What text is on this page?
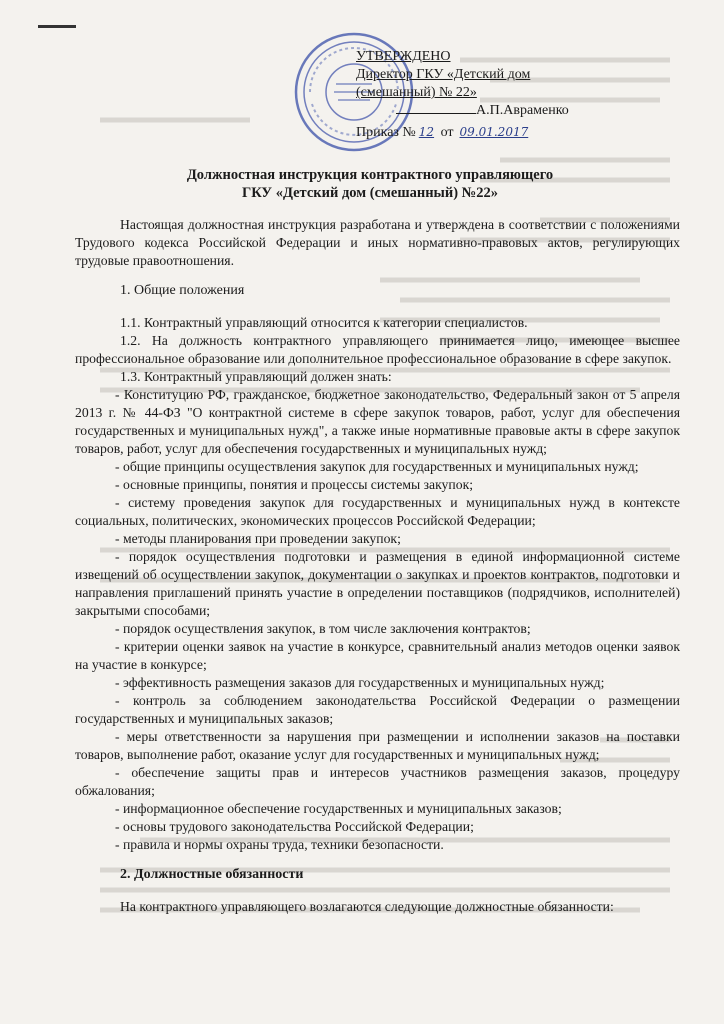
УТВЕРЖДЕНО
Директор ГКУ «Детский дом
(смешанный) № 22»
А.П.Авраменко
Приказ № 12 от 09.01.2017
Должностная инструкция контрактного управляющего
ГКУ «Детский дом (смешанный) №22»

Настоящая должностная инструкция разработана и утверждена в соответствии с положениями Трудового кодекса Российской Федерации и иных нормативно-правовых актов, регулирующих трудовые правоотношения.

1. Общие положения

1.1. Контрактный управляющий относится к категории специалистов.

1.2. На должность контрактного управляющего принимается лицо, имеющее высшее профессиональное образование или дополнительное профессиональное образование в сфере закупок.

1.3. Контрактный управляющий должен знать:

- Конституцию РФ, гражданское, бюджетное законодательство, Федеральный закон от 5 апреля 2013 г. № 44-ФЗ "О контрактной системе в сфере закупок товаров, работ, услуг для обеспечения государственных и муниципальных нужд", а также иные нормативные правовые акты в сфере закупок товаров, работ, услуг для обеспечения государственных и муниципальных нужд;

- общие принципы осуществления закупок для государственных и муниципальных нужд;

- основные принципы, понятия и процессы системы закупок;

- систему проведения закупок для государственных и муниципальных нужд в контексте социальных, политических, экономических процессов Российской Федерации;

- методы планирования при проведении закупок;

- порядок осуществления подготовки и размещения в единой информационной системе извещений об осуществлении закупок, документации о закупках и проектов контрактов, подготовки и направления приглашений принять участие в определении поставщиков (подрядчиков, исполнителей) закрытыми способами;

- порядок осуществления закупок, в том числе заключения контрактов;

- критерии оценки заявок на участие в конкурсе, сравнительный анализ методов оценки заявок на участие в конкурсе;

- эффективность размещения заказов для государственных и муниципальных нужд;

- контроль за соблюдением законодательства Российской Федерации о размещении государственных и муниципальных заказов;

- меры ответственности за нарушения при размещении и исполнении заказов на поставки товаров, выполнение работ, оказание услуг для государственных и муниципальных нужд;

- обеспечение защиты прав и интересов участников размещения заказов, процедуру обжалования;

- информационное обеспечение государственных и муниципальных заказов;

- основы трудового законодательства Российской Федерации;

- правила и нормы охраны труда, техники безопасности.

2. Должностные обязанности

На контрактного управляющего возлагаются следующие должностные обязанности:
